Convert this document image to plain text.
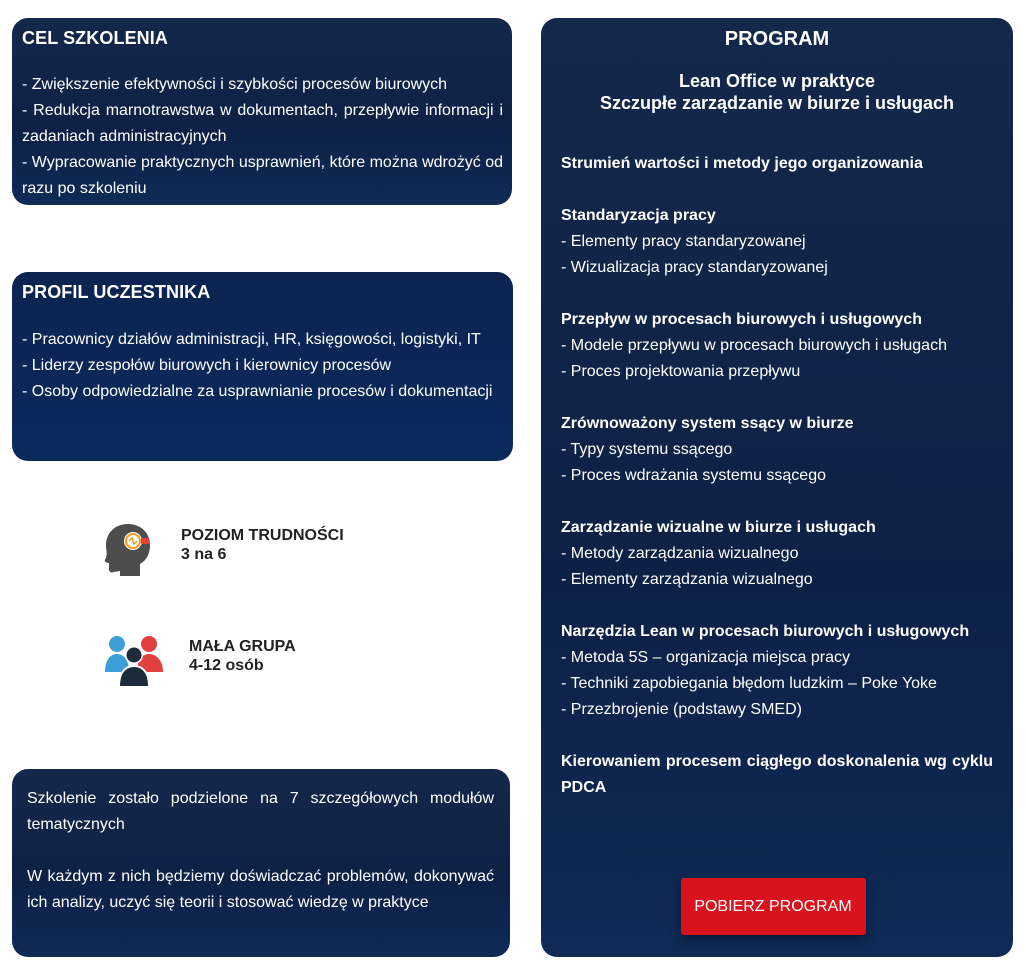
CEL SZKOLENIA

- Zwiększenie efektywności i szybkości procesów biurowych

- Redukcja marnotrawstwa w dokumentach, przepływie informacji i zadaniach administracyjnych

- Wypracowanie praktycznych usprawnień, które można wdrożyć od razu po szkoleniu

PROFIL UCZESTNIKA

- Pracownicy działów administracji, HR, księgowości, logistyki, IT

- Liderzy zespołów biurowych i kierownicy procesów

- Osoby odpowiedzialne za usprawnianie procesów i dokumentacji

POZIOM TRUDNOŚCI
3 na 6
MAŁA GRUPA
4-12 osób

Szkolenie zostało podzielone na 7 szczegółowych modułów tematycznych

W każdym z nich będziemy doświadczać problemów, dokonywać ich analizy, uczyć się teorii i stosować wiedzę w praktyce

PROGRAM
Lean Office w praktyce
Szczupłe zarządzanie w biurze i usługach
Strumień wartości i metody jego organizowania
Standaryzacja pracy

- Elementy pracy standaryzowanej

- Wizualizacja pracy standaryzowanej

Przepływ w procesach biurowych i usługowych

- Modele przepływu w procesach biurowych i usługach

- Proces projektowania przepływu

Zrównoważony system ssący w biurze

- Typy systemu ssącego

- Proces wdrażania systemu ssącego

Zarządzanie wizualne w biurze i usługach

- Metody zarządzania wizualnego

- Elementy zarządzania wizualnego

Narzędzia Lean w procesach biurowych i usługowych

- Metoda 5S – organizacja miejsca pracy

- Techniki zapobiegania błędom ludzkim – Poke Yoke

- Przezbrojenie (podstawy SMED)

Kierowaniem procesem ciągłego doskonalenia wg cyklu PDCA
POBIERZ PROGRAM
